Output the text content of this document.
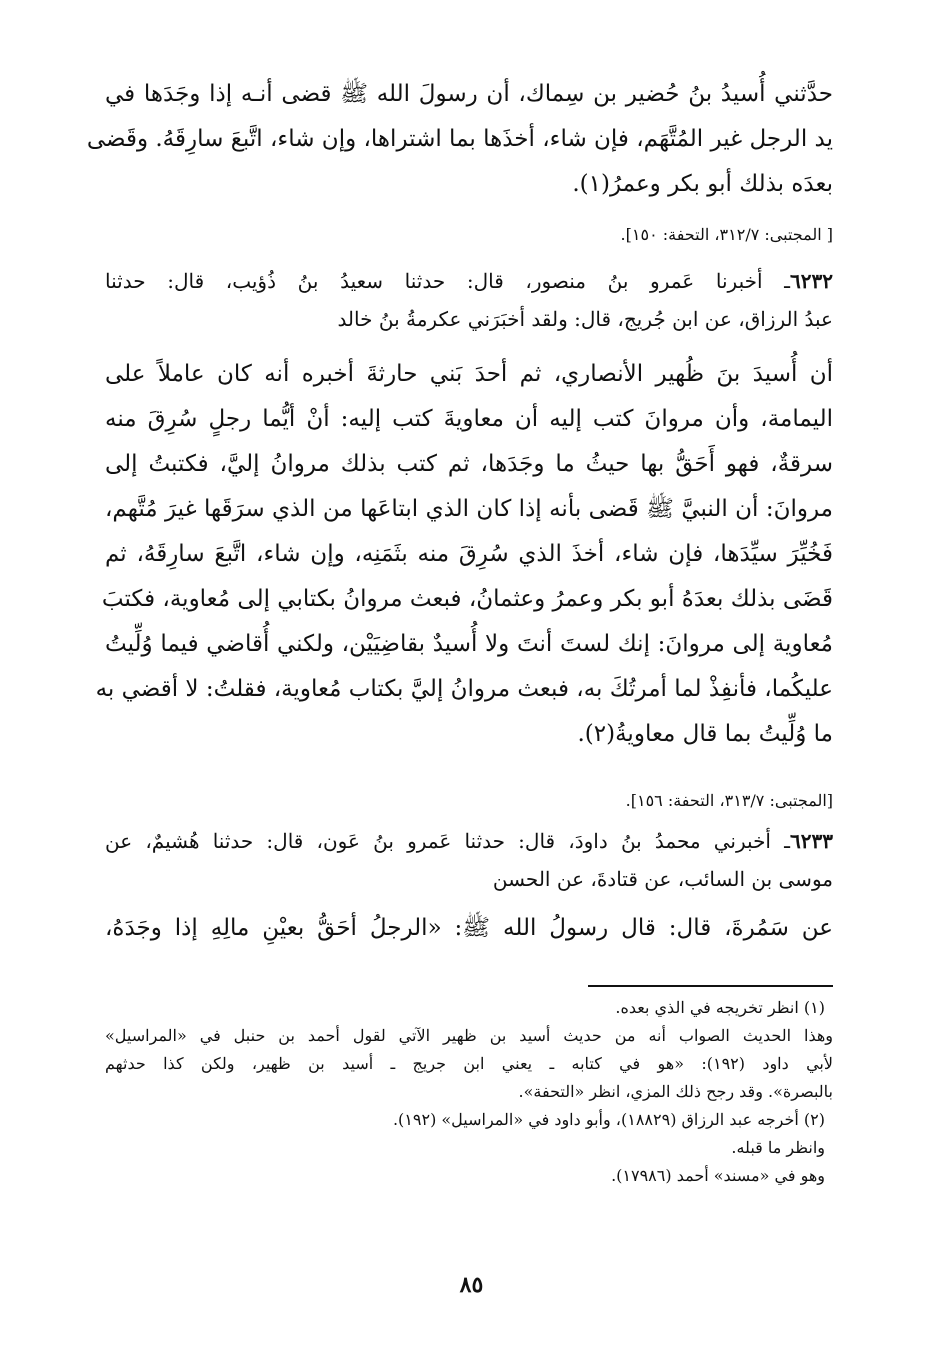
حدَّثني أُسيدُ بنُ حُضير بن سِماك، أن رسولَ الله ﷺ قضى أنـه إذا وجَدَها في
يد الرجل غير المُتَّهَم، فإن شاء، أخذَها بما اشتراها، وإن شاء، اتَّبعَ سارِقَهُ. وقَضى
بعدَه بذلك أبو بكر وعمرُ(١).
[ المجتبى: ٣١٢/٧، التحفة: ١٥٠].
٦٢٣٢ـ أخبرنا عَمرو بنُ منصور، قال: حدثنا سعيدُ بنُ ذُؤيب، قال: حدثنا
عبدُ الرزاق، عن ابن جُريج، قال: ولقد أخبَرَني عكرمةُ بنُ خالد
أن أُسيدَ بنَ ظُهير الأنصاري، ثم أحدَ بَني حارثةَ أخبره أنه كان عاملاً على
اليمامة، وأن مروانَ كتب إليه أن معاويةَ كتب إليه: أنْ أيُّما رجلٍ سُرِقَ منه
سرقةٌ، فهو أَحَقُّ بها حيثُ ما وجَدَها، ثم كتب بذلك مروانُ إليَّ، فكتبتُ إلى
مروانَ: أن النبيَّ ﷺ قَضى بأنه إذا كان الذي ابتاعَها من الذي سرَقَها غيرَ مُتَّهم،
فَخُيِّرَ سيِّدَها، فإن شاء، أخذَ الذي سُرِقَ منه بثَمَنِه، وإن شاء، اتَّبعَ سارِقَهُ، ثم
قَضَى بذلك بعدَهُ أبو بكر وعمرُ وعثمانُ، فبعث مروانُ بكتابي إلى مُعاوية، فكتبَ
مُعاوية إلى مروانَ: إنك لستَ أنتَ ولا أُسيدٌ بقاضِيَيْن، ولكني أُقاضي فيما وُلِّيتُ
عليكُما، فأنفِذْ لما أمرتُكَ به، فبعث مروانُ إليَّ بكتاب مُعاوية، فقلتُ: لا أقضي به
ما وُلِّيتُ بما قال معاويةُ(٢).
[المجتبى: ٣١٣/٧، التحفة: ١٥٦].
٦٢٣٣ـ أخبرني محمدُ بنُ داودَ، قال: حدثنا عَمرو بنُ عَون، قال: حدثنا هُشيمٌ، عن
موسى بن السائب، عن قتادةَ، عن الحسن
عن سَمُرةَ، قال: قال رسولُ الله ﷺ: «الرجلُ أحَقُّ بعيْنِ مالِهِ إذا وجَدَهُ،
(١) انظر تخريجه في الذي بعده.
وهذا الحديث الصواب أنه من حديث أسيد بن ظهير الآتي لقول أحمد بن حنبل في «المراسيل»
لأبي داود (١٩٢): «هو في كتابه ـ يعني ابن جريج ـ أسيد بن ظهير، ولكن كذا حدثهم
بالبصرة». وقد رجح ذلك المزي، انظر «التحفة».
(٢) أخرجه عبد الرزاق (١٨٨٢٩)، وأبو داود في «المراسيل» (١٩٢).
وانظر ما قبله.
وهو في «مسند» أحمد (١٧٩٨٦).
٨٥
